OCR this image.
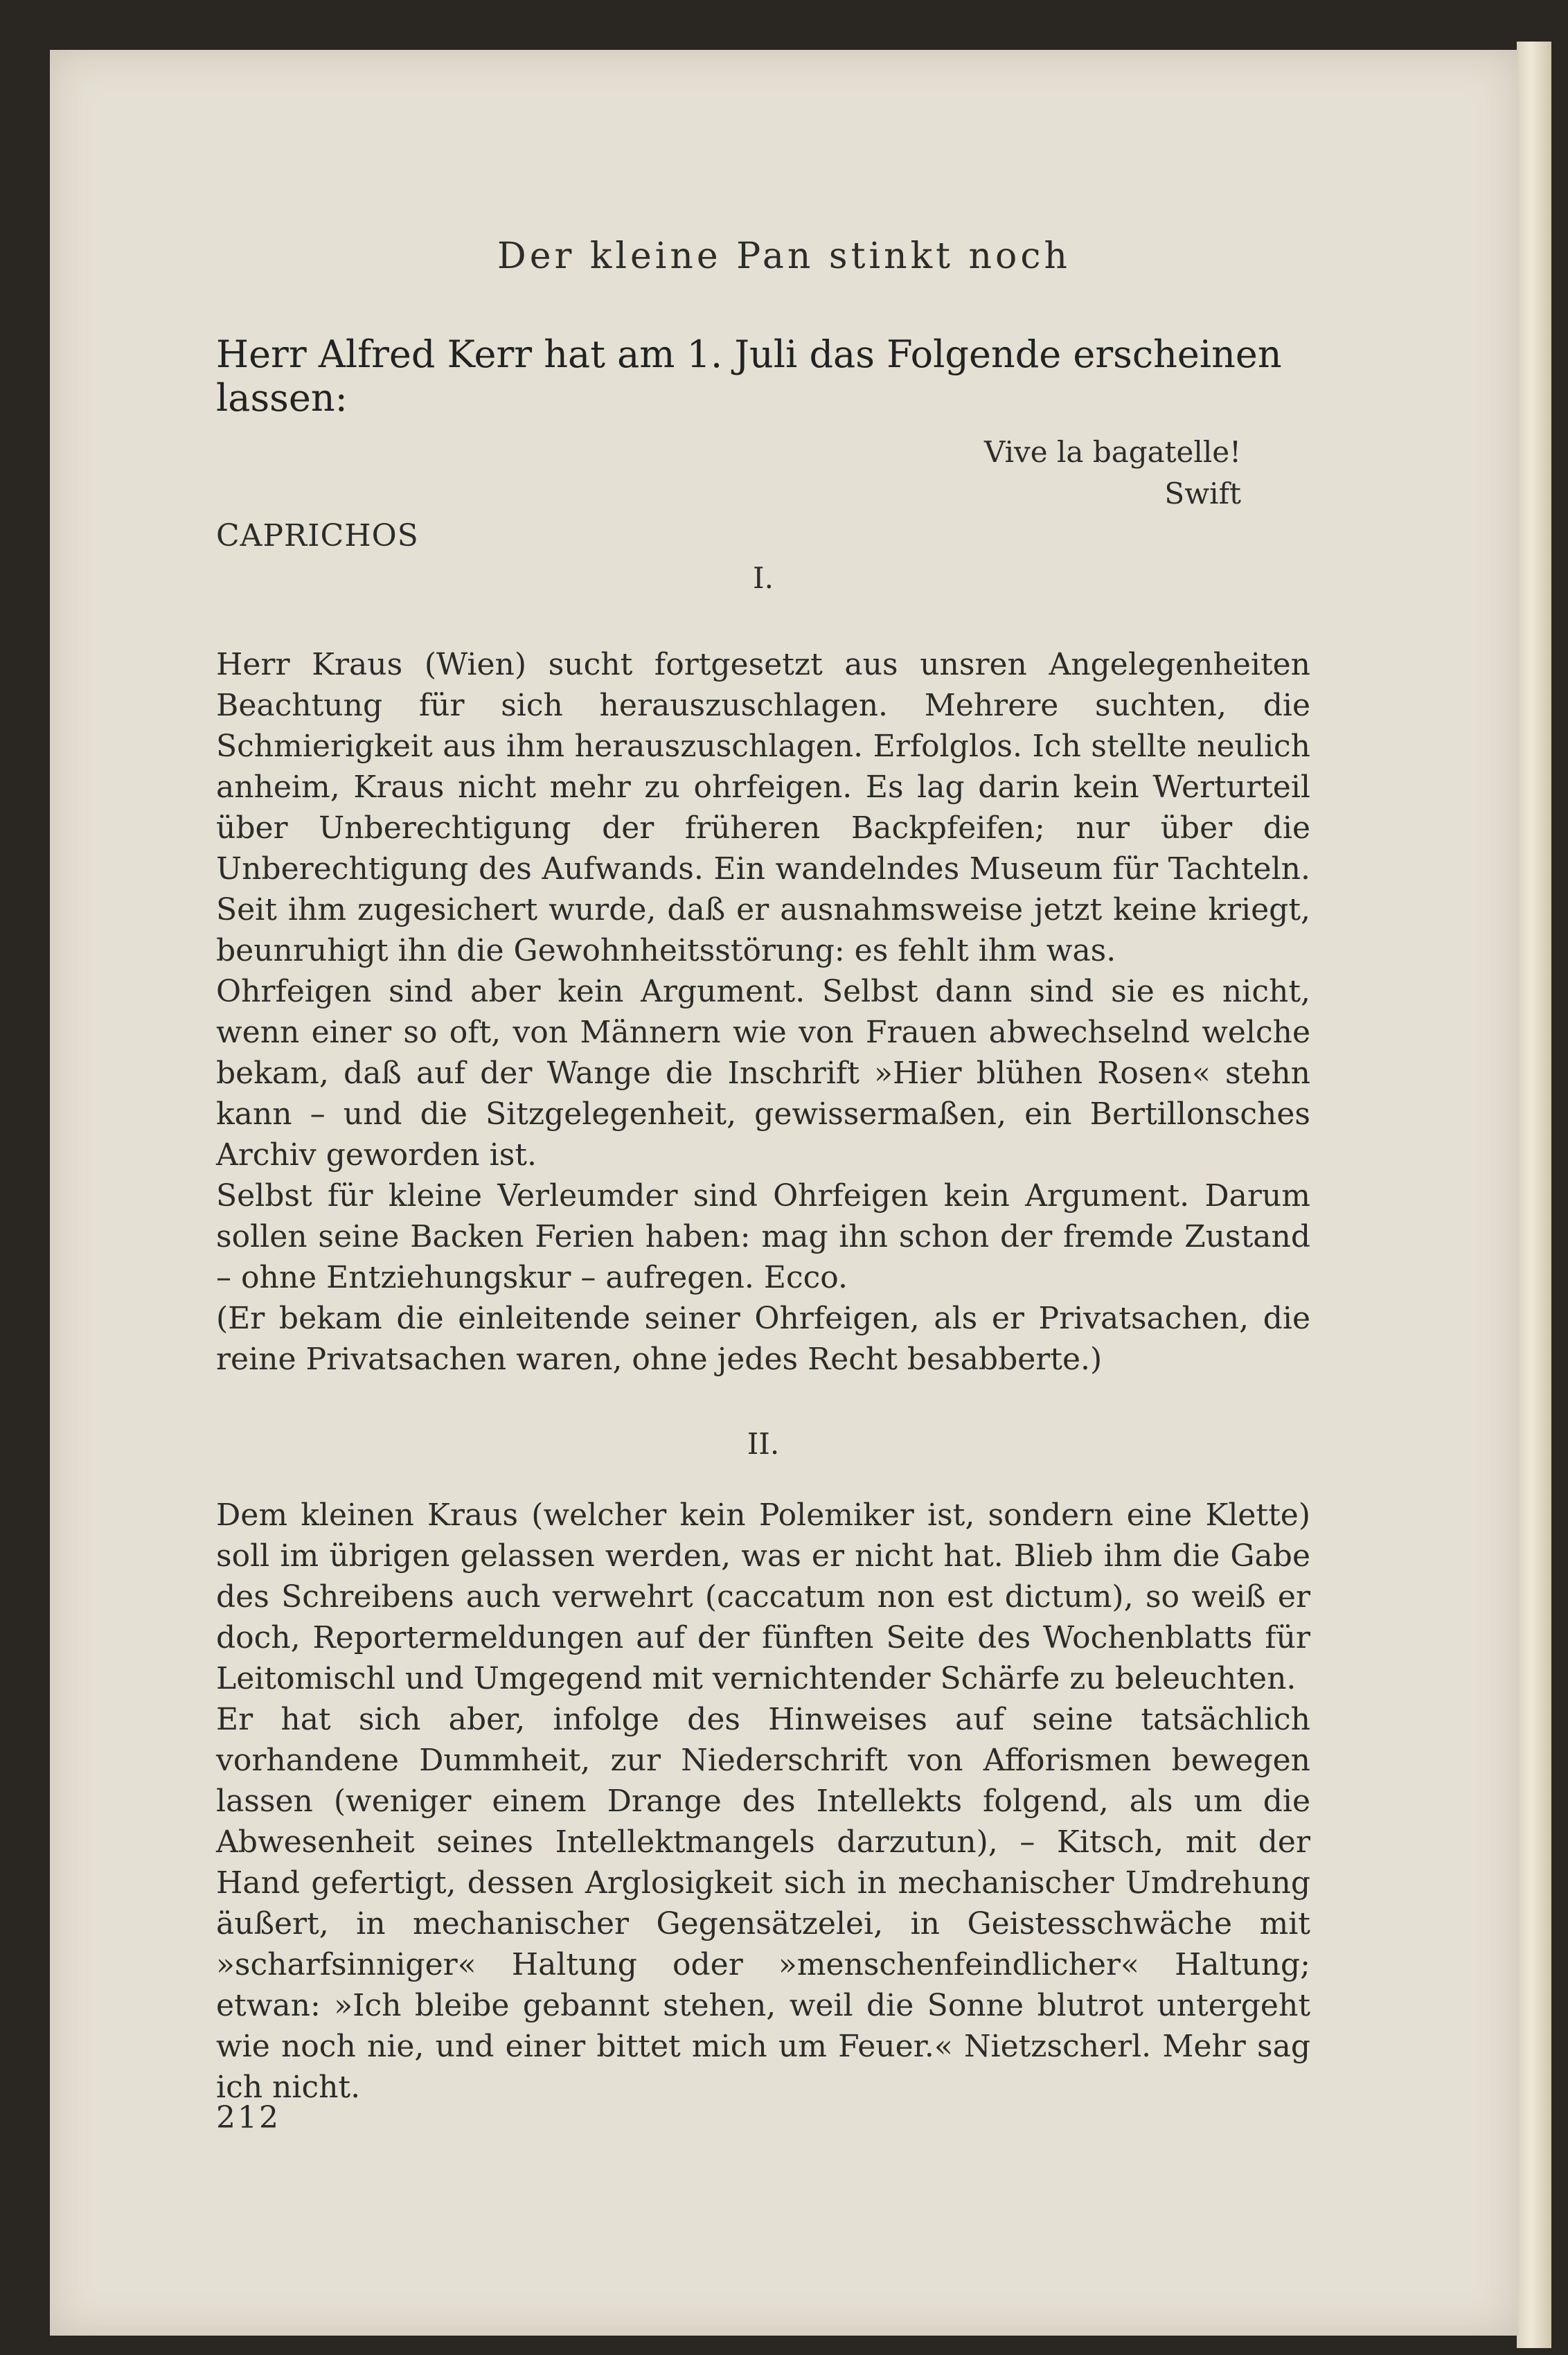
Der kleine Pan stinkt noch
Herr Alfred Kerr hat am 1. Juli das Folgende erscheinen lassen:
Vive la bagatelle!
Swift
CAPRICHOS
I.

Herr Kraus (Wien) sucht fortgesetzt aus unsren Angelegenheiten Beachtung für sich herauszuschlagen. Mehrere suchten, die Schmierigkeit aus ihm herauszuschlagen. Erfolglos. Ich stellte neulich anheim, Kraus nicht mehr zu ohrfeigen. Es lag darin kein Werturteil über Unberechtigung der früheren Backpfeifen; nur über die Unberechtigung des Aufwands. Ein wandelndes Museum für Tachteln. Seit ihm zugesichert wurde, daß er ausnahmsweise jetzt keine kriegt, beunruhigt ihn die Gewohnheitsstörung: es fehlt ihm was.

Ohrfeigen sind aber kein Argument. Selbst dann sind sie es nicht, wenn einer so oft, von Männern wie von Frauen abwechselnd welche bekam, daß auf der Wange die Inschrift »Hier blühen Rosen« stehn kann – und die Sitzgelegenheit, gewissermaßen, ein Bertillonsches Archiv geworden ist.

Selbst für kleine Verleumder sind Ohrfeigen kein Argument. Darum sollen seine Backen Ferien haben: mag ihn schon der fremde Zustand – ohne Entziehungskur – aufregen. Ecco.

(Er bekam die einleitende seiner Ohrfeigen, als er Privatsachen, die reine Privatsachen waren, ohne jedes Recht besabberte.)

II.

Dem kleinen Kraus (welcher kein Polemiker ist, sondern eine Klette) soll im übrigen gelassen werden, was er nicht hat. Blieb ihm die Gabe des Schreibens auch verwehrt (caccatum non est dictum), so weiß er doch, Reportermeldungen auf der fünften Seite des Wochenblatts für Leitomischl und Umgegend mit vernichtender Schärfe zu beleuchten.

Er hat sich aber, infolge des Hinweises auf seine tatsächlich vorhandene Dummheit, zur Niederschrift von Afforismen bewegen lassen (weniger einem Drange des Intellekts folgend, als um die Abwesenheit seines Intellektmangels darzutun), – Kitsch, mit der Hand gefertigt, dessen Arglosigkeit sich in mechanischer Umdrehung äußert, in mechanischer Gegensätzelei, in Geistesschwäche mit »scharfsinniger« Haltung oder »menschenfeindlicher« Haltung; etwan: »Ich bleibe gebannt stehen, weil die Sonne blutrot untergeht wie noch nie, und einer bittet mich um Feuer.« Nietzscherl. Mehr sag ich nicht.

212
